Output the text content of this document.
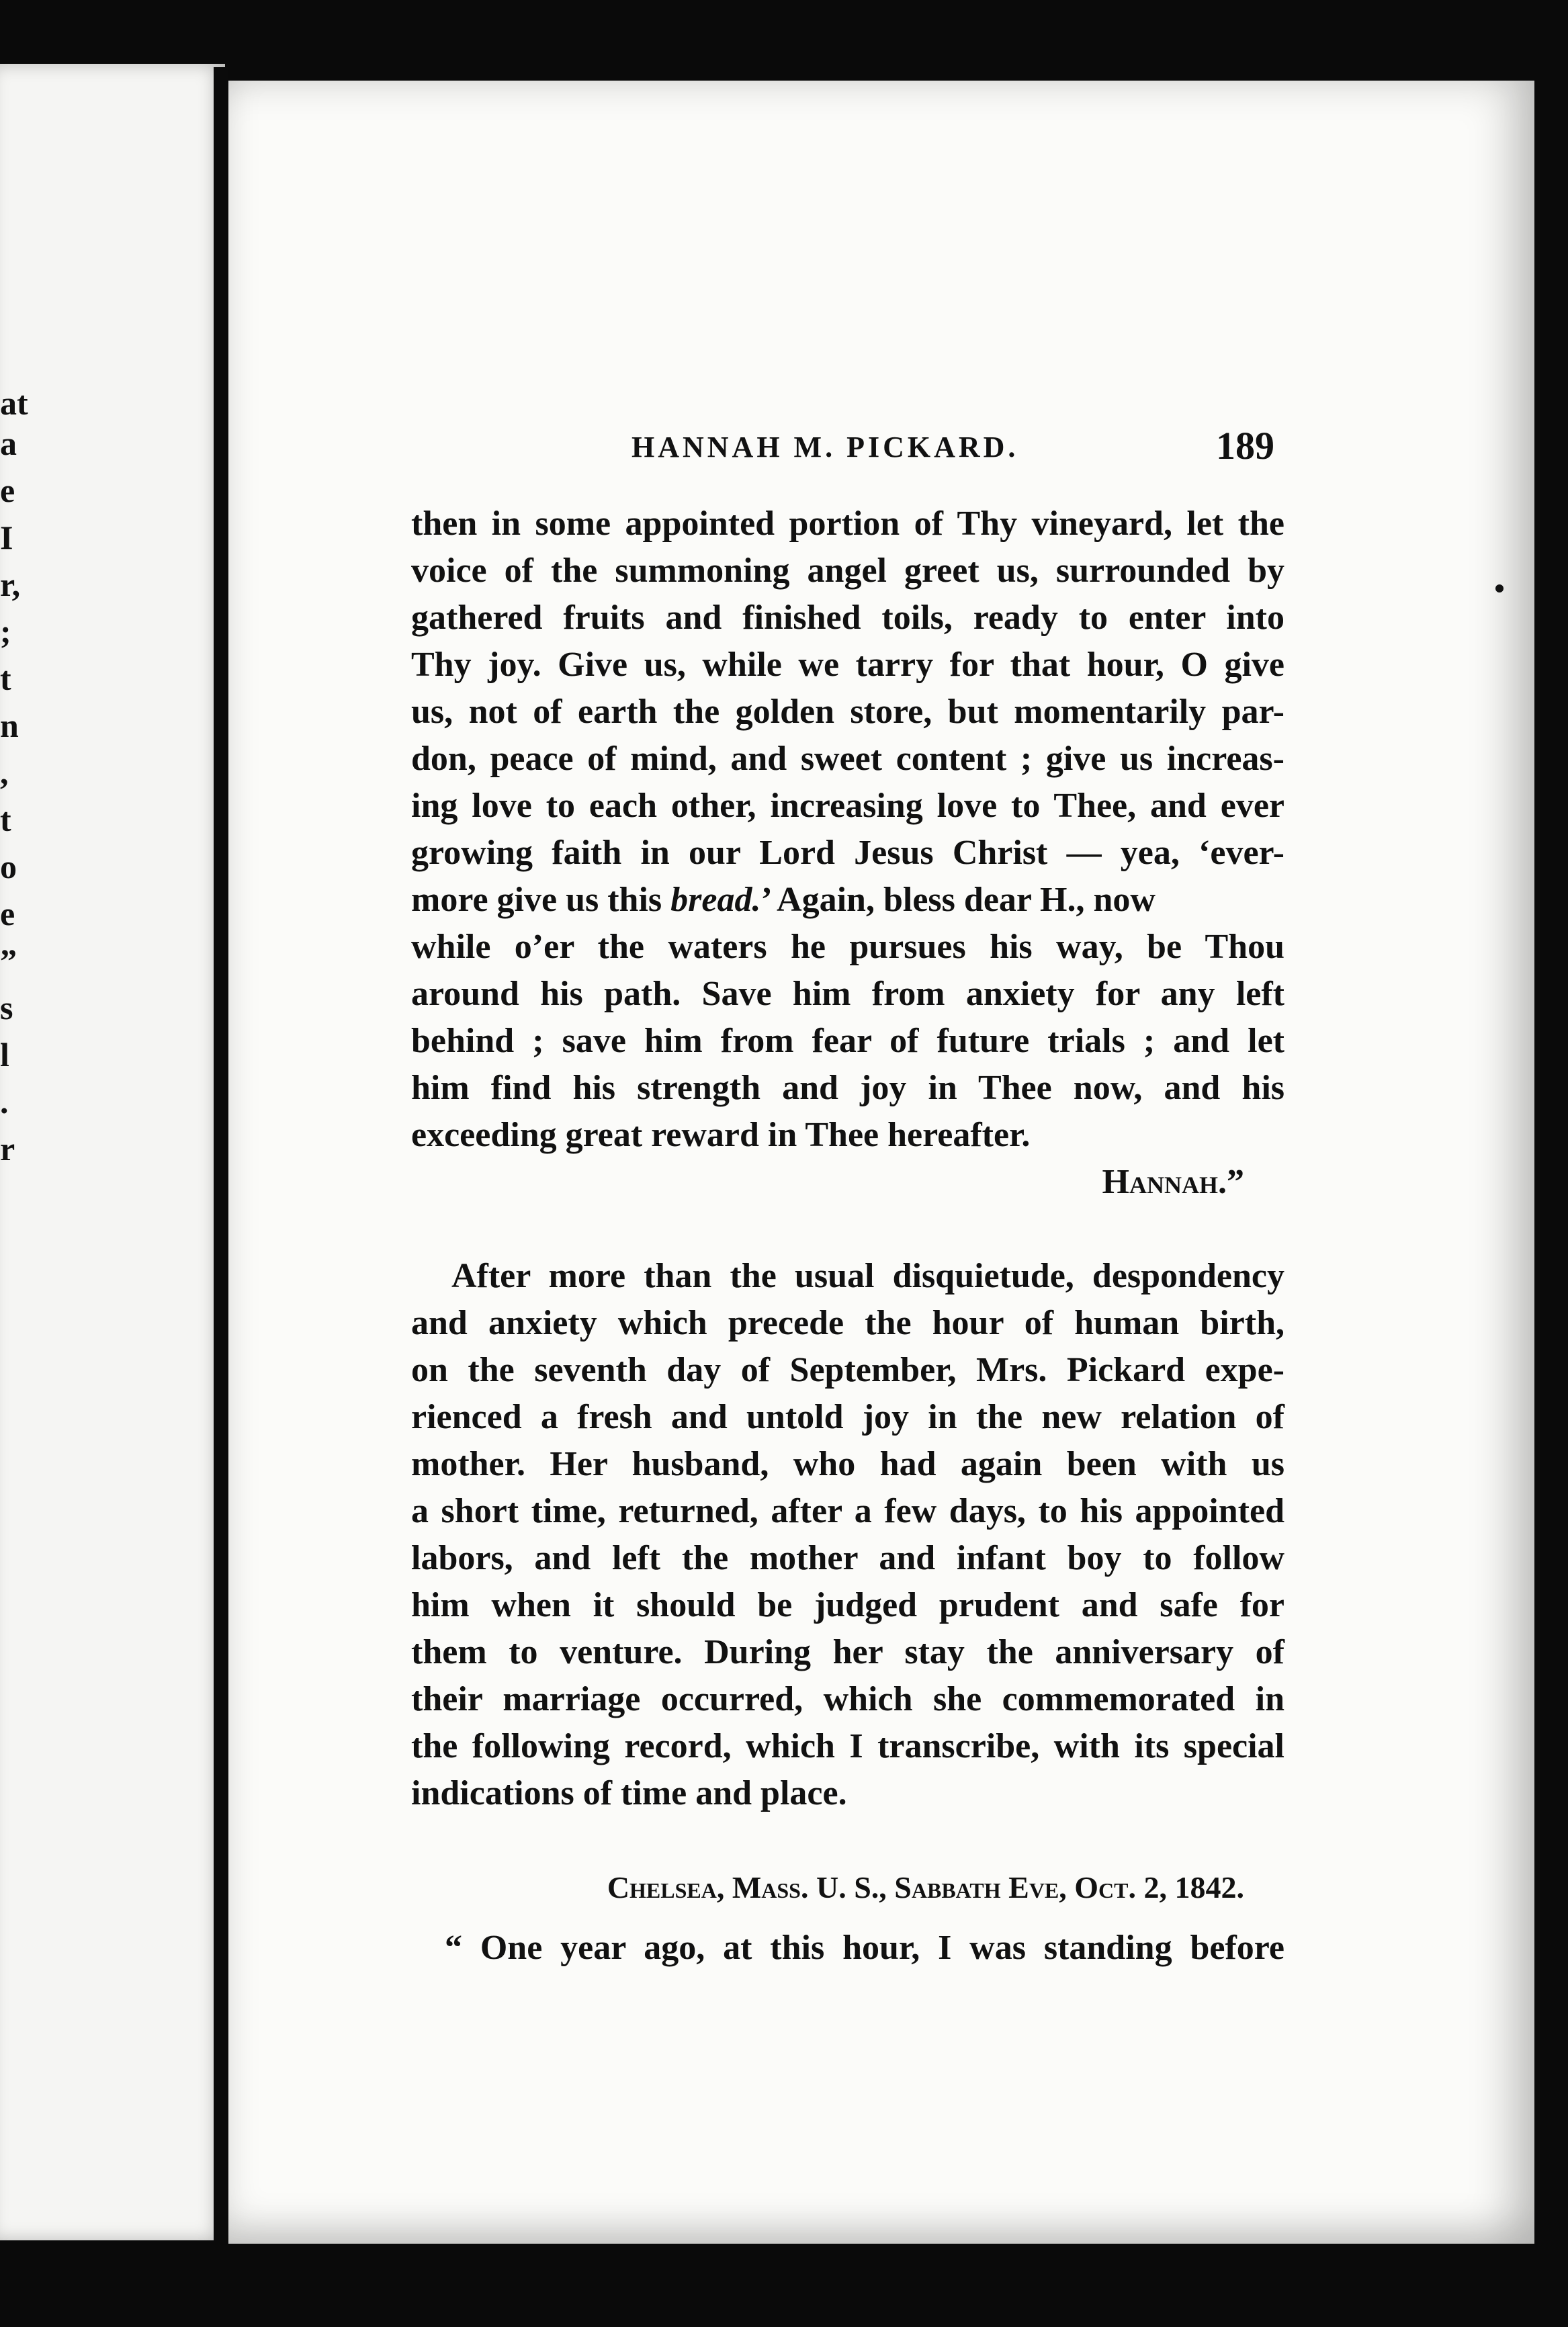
at
a
e
I
r,
;
t
n
,
t
o
e
”
s
l
.
r
HANNAH M. PICKARD.	189
then in some appointed portion of Thy vineyard, let the
voice of the summoning angel greet us, surrounded by
gathered fruits and finished toils, ready to enter into
Thy joy. Give us, while we tarry for that hour, O give
us, not of earth the golden store, but momentarily par-
don, peace of mind, and sweet content ; give us increas-
ing love to each other, increasing love to Thee, and ever
growing faith in our Lord Jesus Christ — yea, ‘ever-
more give us this bread.’ Again, bless dear H., now
while o’er the waters he pursues his way, be Thou
around his path. Save him from anxiety for any left
behind ; save him from fear of future trials ; and let
him find his strength and joy in Thee now, and his
exceeding great reward in Thee hereafter.
Hannah.”
After more than the usual disquietude, despondency
and anxiety which precede the hour of human birth,
on the seventh day of September, Mrs. Pickard expe-
rienced a fresh and untold joy in the new relation of
mother. Her husband, who had again been with us
a short time, returned, after a few days, to his appointed
labors, and left the mother and infant boy to follow
him when it should be judged prudent and safe for
them to venture. During her stay the anniversary of
their marriage occurred, which she commemorated in
the following record, which I transcribe, with its special
indications of time and place.
Chelsea, Mass. U. S., Sabbath Eve, Oct. 2, 1842.
“ One year ago, at this hour, I was standing before
